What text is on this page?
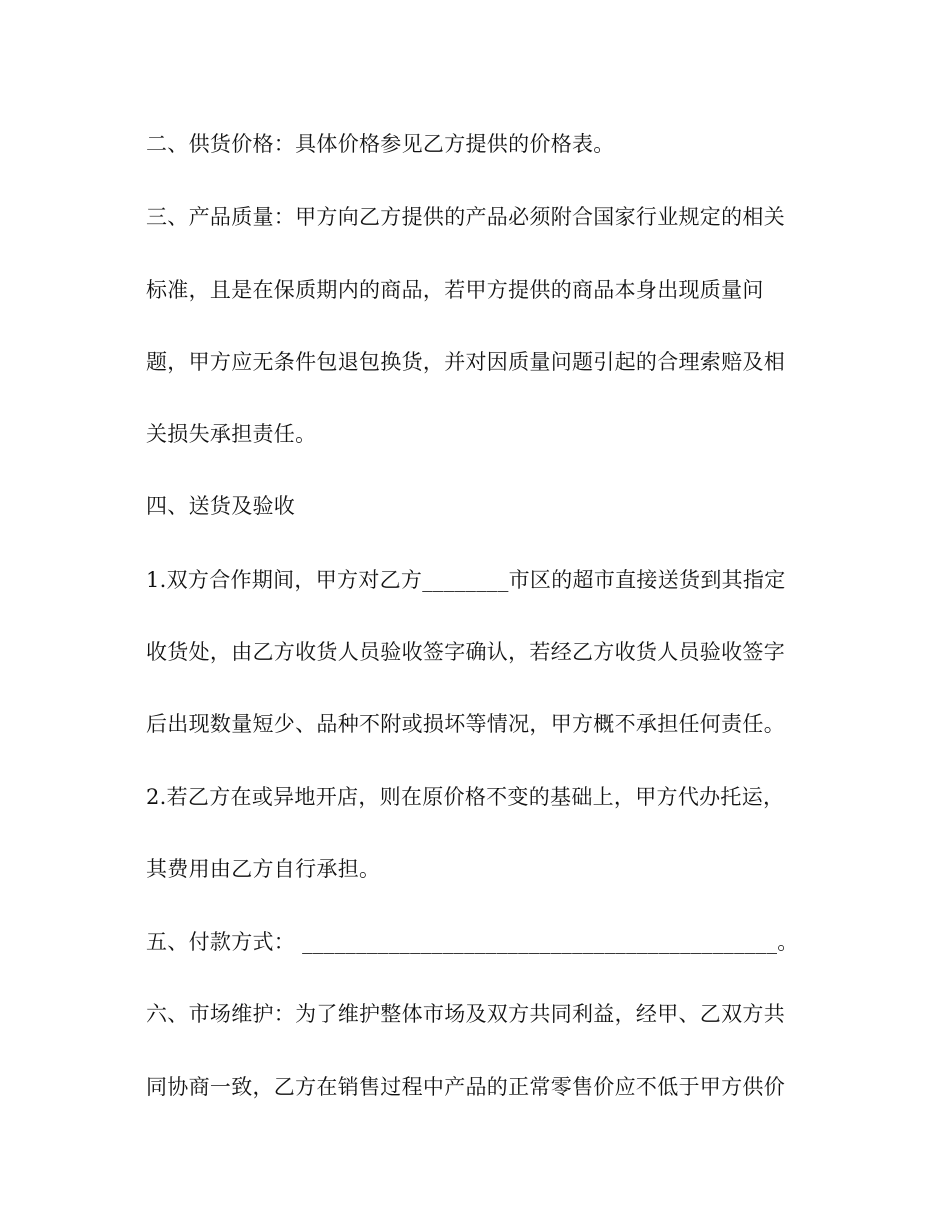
二、供货价格：具体价格参见乙方提供的价格表。
三、产品质量：甲方向乙方提供的产品必须附合国家行业规定的相关
标准，且是在保质期内的商品，若甲方提供的商品本身出现质量问
题，甲方应无条件包退包换货，并对因质量问题引起的合理索赔及相
关损失承担责任。
四、送货及验收
1.双方合作期间，甲方对乙方________市区的超市直接送货到其指定
收货处，由乙方收货人员验收签字确认，若经乙方收货人员验收签字
后出现数量短少、品种不附或损坏等情况，甲方概不承担任何责任。
2.若乙方在或异地开店，则在原价格不变的基础上，甲方代办托运，
其费用由乙方自行承担。
五、付款方式： ____________________________________________。
六、市场维护：为了维护整体市场及双方共同利益，经甲、乙双方共
同协商一致，乙方在销售过程中产品的正常零售价应不低于甲方供价
